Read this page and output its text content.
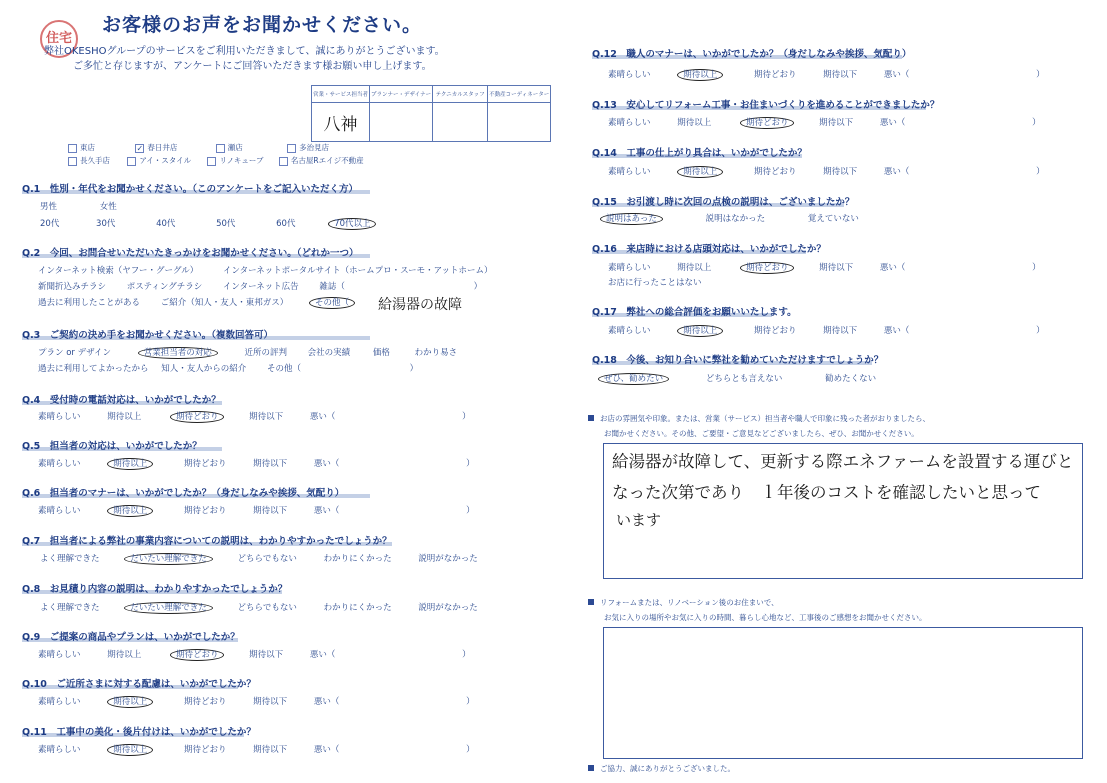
住宅
お客様のお声をお聞かせください。
弊社OKESHOグループのサービスをご利用いただきまして、誠にありがとうございます。
ご多忙と存じますが、アンケートにご回答いただきます様お願い申し上げます。
営業・サービス担当者	プランナー・デザイナー	テクニカルスタッフ	不動産コーディネーター
八神			
東店	✓ 春日井店	瀬店	多治見店
長久手店	アイ・スタイル	リノキューブ	名古屋Rエイジ不動産
Q.1　性別・年代をお聞かせください。（このアンケートをご記入いただく方）
男性	女性
20代	30代	40代	50代	60代	70代以上
Q.2　今回、お問合せいただいたきっかけをお聞かせください。（どれか一つ）
インターネット検索（ヤフー・グーグル）	インターネットポータルサイト（ホームプロ・スーモ・アットホーム）
新聞折込みチラシ ポスティングチラシ インターネット広告 雑誌（	）
過去に利用したことがある ご紹介（知人・友人・東邦ガス）	その他（ 給湯器の故障
Q.3　ご契約の決め手をお聞かせください。（複数回答可）
プラン or デザイン	営業担当者の対応	近所の評判 会社の実績	価格	わかり易さ
過去に利用してよかったから 知人・友人からの紹介 その他（	）
Q.4　受付時の電話対応は、いかがでしたか？
素晴らしい	期待以上	期待どおり	期待以下	悪い（	）
Q.5　担当者の対応は、いかがでしたか？
素晴らしい	期待以上	期待どおり	期待以下	悪い（	）
Q.6　担当者のマナーは、いかがでしたか？（身だしなみや挨拶、気配り）
素晴らしい	期待以上	期待どおり	期待以下	悪い（	）
Q.7　担当者による弊社の事業内容についての説明は、わかりやすかったでしょうか？
よく理解できた	だいたい理解できた	どちらでもない	わかりにくかった	説明がなかった
Q.8　お見積り内容の説明は、わかりやすかったでしょうか？
よく理解できた	だいたい理解できた	どちらでもない	わかりにくかった	説明がなかった
Q.9　ご提案の商品やプランは、いかがでしたか？
素晴らしい	期待以上	期待どおり	期待以下	悪い（	）
Q.10　ご近所さまに対する配慮は、いかがでしたか？
素晴らしい	期待以上	期待どおり	期待以下	悪い（	）
Q.11　工事中の美化・後片付けは、いかがでしたか？
素晴らしい	期待以上	期待どおり	期待以下	悪い（	）
Q.12　職人のマナーは、いかがでしたか？（身だしなみや挨拶、気配り）
素晴らしい	期待以上	期待どおり	期待以下	悪い（	）
Q.13　安心してリフォーム工事・お住まいづくりを進めることができましたか？
素晴らしい	期待以上	期待どおり	期待以下	悪い（	）
Q.14　工事の仕上がり具合は、いかがでしたか？
素晴らしい	期待以上	期待どおり	期待以下	悪い（	）
Q.15　お引渡し時に次回の点検の説明は、ございましたか？
説明はあった	説明はなかった	覚えていない
Q.16　来店時における店頭対応は、いかがでしたか？
素晴らしい	期待以上	期待どおり	期待以下	悪い（	）
お店に行ったことはない
Q.17　弊社への総合評価をお願いいたします。
素晴らしい	期待以上	期待どおり	期待以下	悪い（	）
Q.18　今後、お知り合いに弊社を勧めていただけますでしょうか？
ぜひ、勧めたい	どちらとも言えない	勧めたくない
お店の雰囲気や印象。または、営業（サービス）担当者や職人で印象に残った者がおりましたら、
お聞かせください。その他、ご要望・ご意見などございましたら、ぜひ、お聞かせください。
給湯器が故障して、更新する際エネファームを設置する運びと
なった次第であり　ｌ年後のコストを確認したいと思って
います
リフォームまたは、リノベーション後のお住まいで、
お気に入りの場所やお気に入りの時間、暮らし心地など、工事後のご感想をお聞かせください。
ご協力、誠にありがとうございました。
